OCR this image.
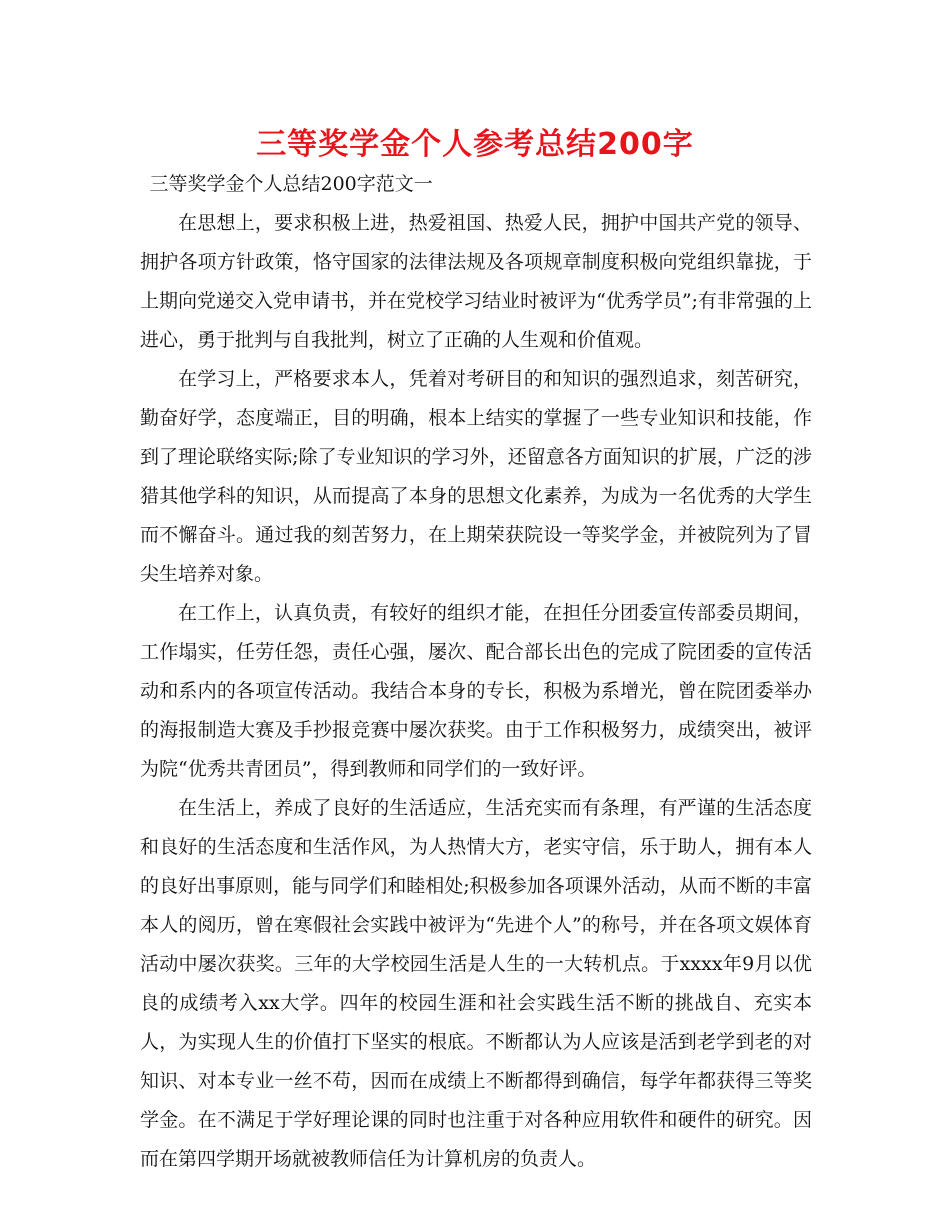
三等奖学金个人参考总结200字

三等奖学金个人总结200字范文一

在思想上，要求积极上进，热爱祖国、热爱人民，拥护中国共产党的领导、拥护各项方针政策，恪守国家的法律法规及各项规章制度积极向党组织靠拢，于上期向党递交入党申请书，并在党校学习结业时被评为“优秀学员”;有非常强的上进心，勇于批判与自我批判，树立了正确的人生观和价值观。

在学习上，严格要求本人，凭着对考研目的和知识的强烈追求，刻苦研究，勤奋好学，态度端正，目的明确，根本上结实的掌握了一些专业知识和技能，作到了理论联络实际;除了专业知识的学习外，还留意各方面知识的扩展，广泛的涉猎其他学科的知识，从而提高了本身的思想文化素养，为成为一名优秀的大学生而不懈奋斗。通过我的刻苦努力，在上期荣获院设一等奖学金，并被院列为了冒尖生培养对象。

在工作上，认真负责，有较好的组织才能，在担任分团委宣传部委员期间，工作塌实，任劳任怨，责任心强，屡次、配合部长出色的完成了院团委的宣传活动和系内的各项宣传活动。我结合本身的专长，积极为系增光，曾在院团委举办的海报制造大赛及手抄报竞赛中屡次获奖。由于工作积极努力，成绩突出，被评为院“优秀共青团员”，得到教师和同学们的一致好评。

在生活上，养成了良好的生活适应，生活充实而有条理，有严谨的生活态度和良好的生活态度和生活作风，为人热情大方，老实守信，乐于助人，拥有本人的良好出事原则，能与同学们和睦相处;积极参加各项课外活动，从而不断的丰富本人的阅历，曾在寒假社会实践中被评为“先进个人”的称号，并在各项文娱体育活动中屡次获奖。三年的大学校园生活是人生的一大转机点。于xxxx年9月以优良的成绩考入xx大学。四年的校园生涯和社会实践生活不断的挑战自、充实本人，为实现人生的价值打下坚实的根底。不断都认为人应该是活到老学到老的对知识、对本专业一丝不苟，因而在成绩上不断都得到确信，每学年都获得三等奖学金。在不满足于学好理论课的同时也注重于对各种应用软件和硬件的研究。因而在第四学期开场就被教师信任为计算机房的负责人。
